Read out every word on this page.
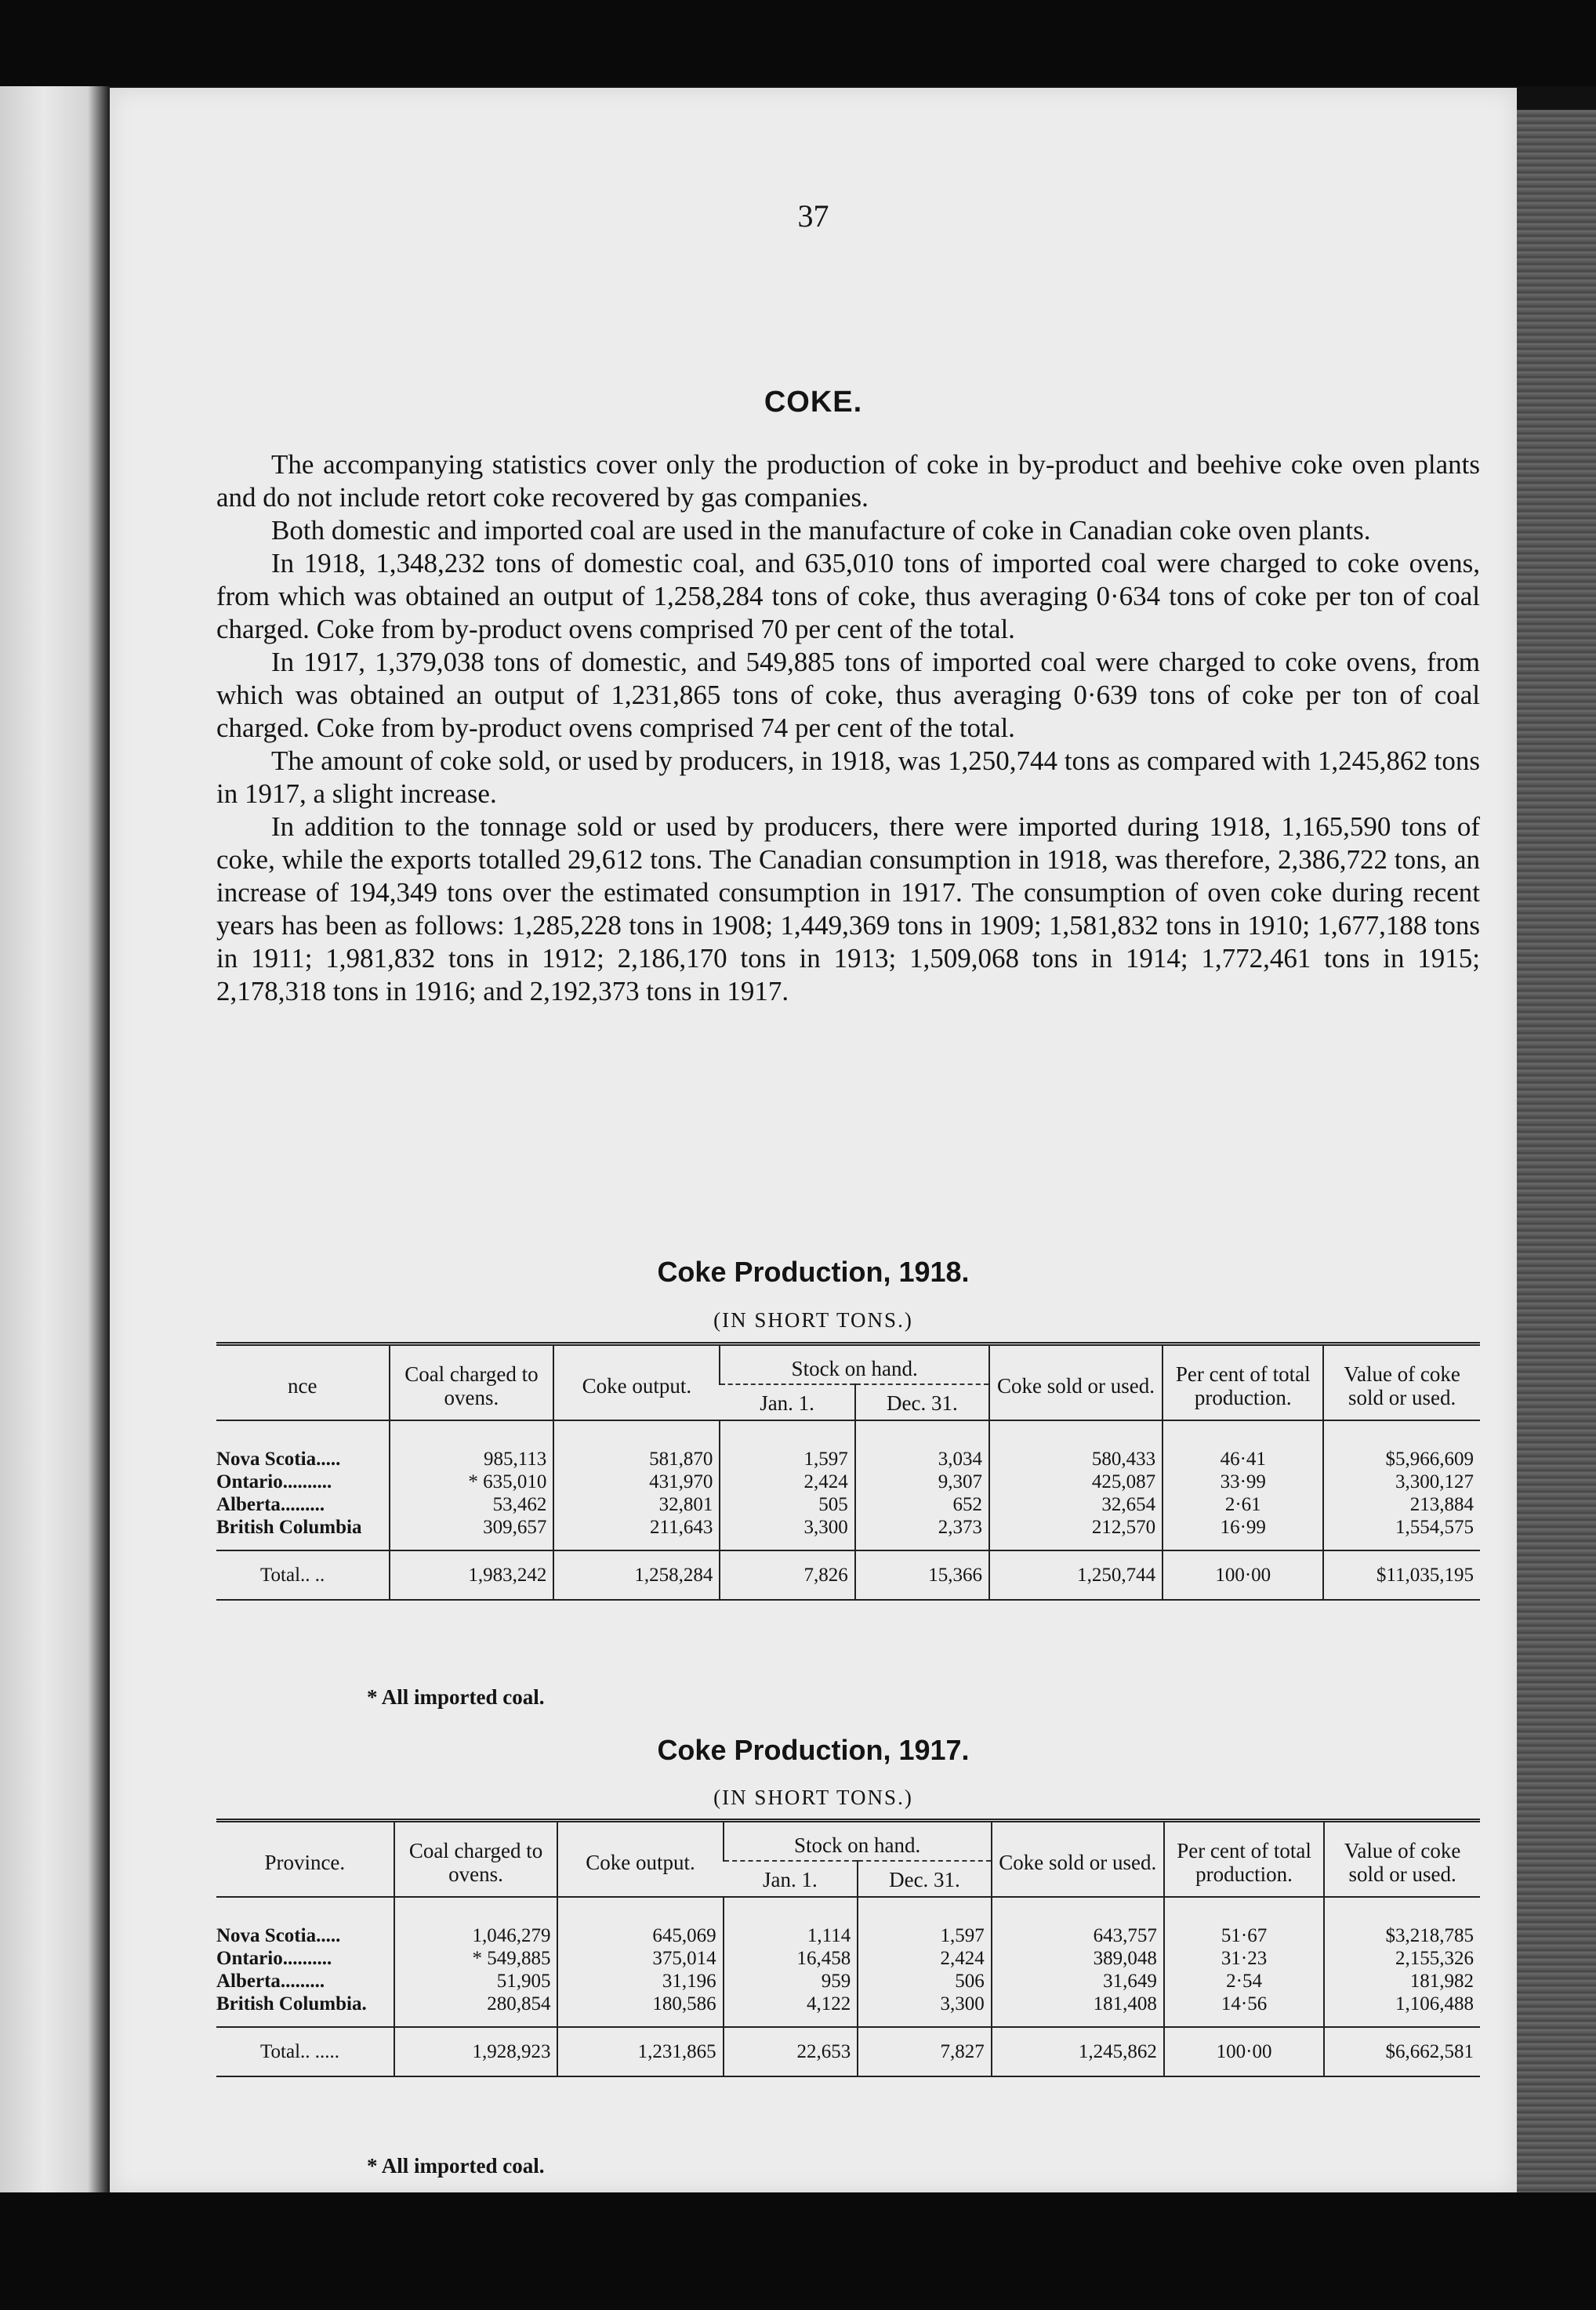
37
COKE.

The accompanying statistics cover only the production of coke in by-product and beehive coke oven plants and do not include retort coke recovered by gas companies.

Both domestic and imported coal are used in the manufacture of coke in Canadian coke oven plants.

In 1918, 1,348,232 tons of domestic coal, and 635,010 tons of imported coal were charged to coke ovens, from which was obtained an output of 1,258,284 tons of coke, thus averaging 0·634 tons of coke per ton of coal charged. Coke from by-product ovens comprised 70 per cent of the total.

In 1917, 1,379,038 tons of domestic, and 549,885 tons of imported coal were charged to coke ovens, from which was obtained an output of 1,231,865 tons of coke, thus averaging 0·639 tons of coke per ton of coal charged. Coke from by-product ovens comprised 74 per cent of the total.

The amount of coke sold, or used by producers, in 1918, was 1,250,744 tons as compared with 1,245,862 tons in 1917, a slight increase.

In addition to the tonnage sold or used by producers, there were imported during 1918, 1,165,590 tons of coke, while the exports totalled 29,612 tons. The Canadian consumption in 1918, was therefore, 2,386,722 tons, an increase of 194,349 tons over the estimated consumption in 1917. The consumption of oven coke during recent years has been as follows: 1,285,228 tons in 1908; 1,449,369 tons in 1909; 1,581,832 tons in 1910; 1,677,188 tons in 1911; 1,981,832 tons in 1912; 2,186,170 tons in 1913; 1,509,068 tons in 1914; 1,772,461 tons in 1915; 2,178,318 tons in 1916; and 2,192,373 tons in 1917.

Coke Production, 1918.
(IN SHORT TONS.)
nce	Coal charged to ovens.	Coke output.	Stock on hand.		Coke sold or used.	Per cent of total production.	Value of coke sold or used.
			Jan. 1.	Dec. 31.			
Nova Scotia.....	985,113	581,870	1,597	3,034	580,433	46·41	$5,966,609
Ontario..........	* 635,010	431,970	2,424	9,307	425,087	33·99	3,300,127
Alberta.........	53,462	32,801	505	652	32,654	2·61	213,884
British Columbia	309,657	211,643	3,300	2,373	212,570	16·99	1,554,575
Total.. ..	1,983,242	1,258,284	7,826	15,366	1,250,744	100·00	$11,035,195
* All imported coal.
Coke Production, 1917.
(IN SHORT TONS.)
Province.	Coal charged to ovens.	Coke output.	Stock on hand.		Coke sold or used.	Per cent of total production.	Value of coke sold or used.
			Jan. 1.	Dec. 31.			
Nova Scotia.....	1,046,279	645,069	1,114	1,597	643,757	51·67	$3,218,785
Ontario..........	* 549,885	375,014	16,458	2,424	389,048	31·23	2,155,326
Alberta.........	51,905	31,196	959	506	31,649	2·54	181,982
British Columbia.	280,854	180,586	4,122	3,300	181,408	14·56	1,106,488
Total.. .....	1,928,923	1,231,865	22,653	7,827	1,245,862	100·00	$6,662,581
* All imported coal.
